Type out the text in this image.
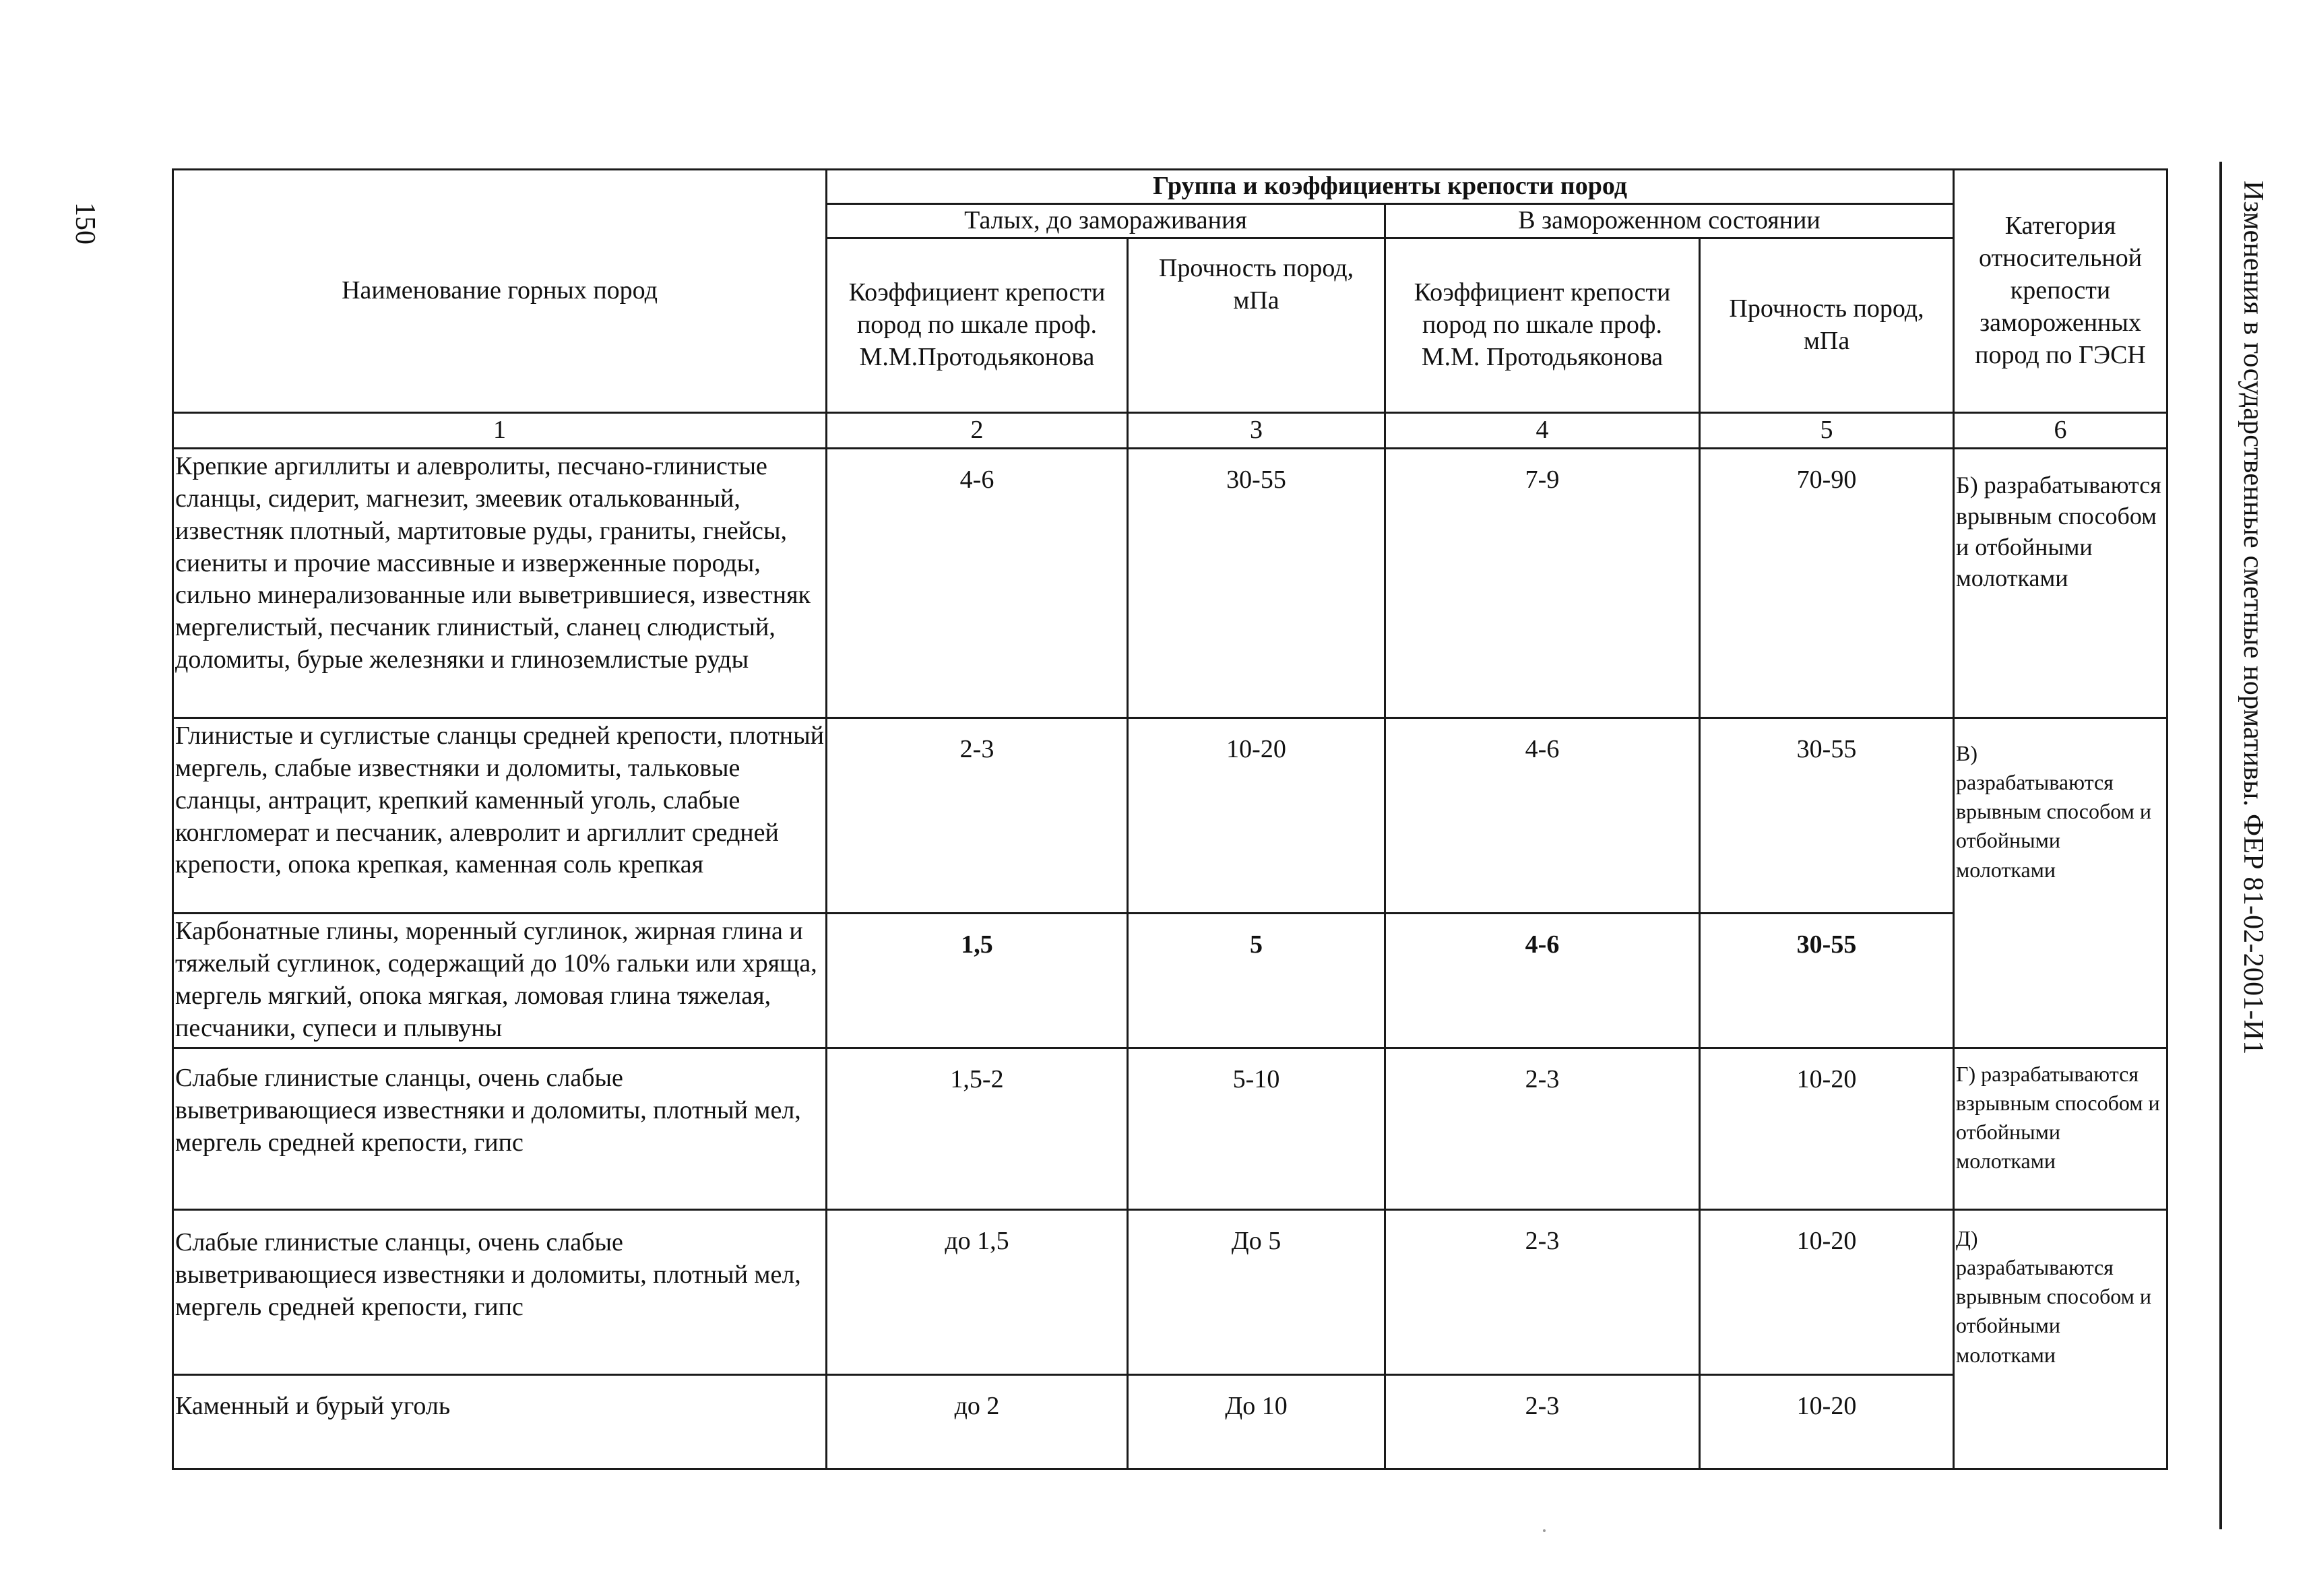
150	Изменения в государственные сметные нормативы. ФЕР 81-02-2001-И1
Наименование горных пород	Группа и коэффициенты крепости пород				Категория относительной крепости замороженных пород по ГЭСН
	Талых, до замораживания		В замороженном состоянии		
	Коэффициент крепости пород по шкале проф. М.М.Протодьяконова	Прочность пород, мПа	Коэффициент крепости пород по шкале проф. М.М. Протодьяконова	Прочность пород, мПа	
1	2	3	4	5	6
Крепкие аргиллиты и алевролиты, песчано-глинистые сланцы, сидерит, магнезит, змеевик оталькованный, известняк плотный, мартитовые руды, граниты, гнейсы, сиениты и прочие массивные и изверженные породы, сильно минерализованные или выветрившиеся, известняк мергелистый, песчаник глинистый, сланец слюдистый, доломиты, бурые железняки и глиноземлистые руды	4-6	30-55	7-9	70-90	Б) разрабатываются врывным способом и отбойными молотками
Глинистые и суглистые сланцы средней крепости, плотный мергель, слабые известняки и доломиты, тальковые сланцы, антрацит, крепкий каменный уголь, слабые конгломерат и песчаник, алевролит и аргиллит средней крепости, опока крепкая, каменная соль крепкая	2-3	10-20	4-6	30-55	В)
разрабатываются врывным способом и отбойными молотками
Карбонатные глины, моренный суглинок, жирная глина и тяжелый суглинок, содержащий до 10% гальки или хряща, мергель мягкий, опока мягкая, ломовая глина тяжелая, песчаники, супеси и плывуны	1,5	5	4-6	30-55	
Слабые глинистые сланцы, очень слабые выветривающиеся известняки и доломиты, плотный мел, мергель средней крепости, гипс	1,5-2	5-10	2-3	10-20	Г) разрабатываются взрывным способом и отбойными молотками
Слабые глинистые сланцы, очень слабые выветривающиеся известняки и доломиты, плотный мел, мергель средней крепости, гипс	до 1,5	До 5	2-3	10-20	Д)
разрабатываются врывным способом и отбойными молотками
Каменный и бурый уголь	до 2	До 10	2-3	10-20	
